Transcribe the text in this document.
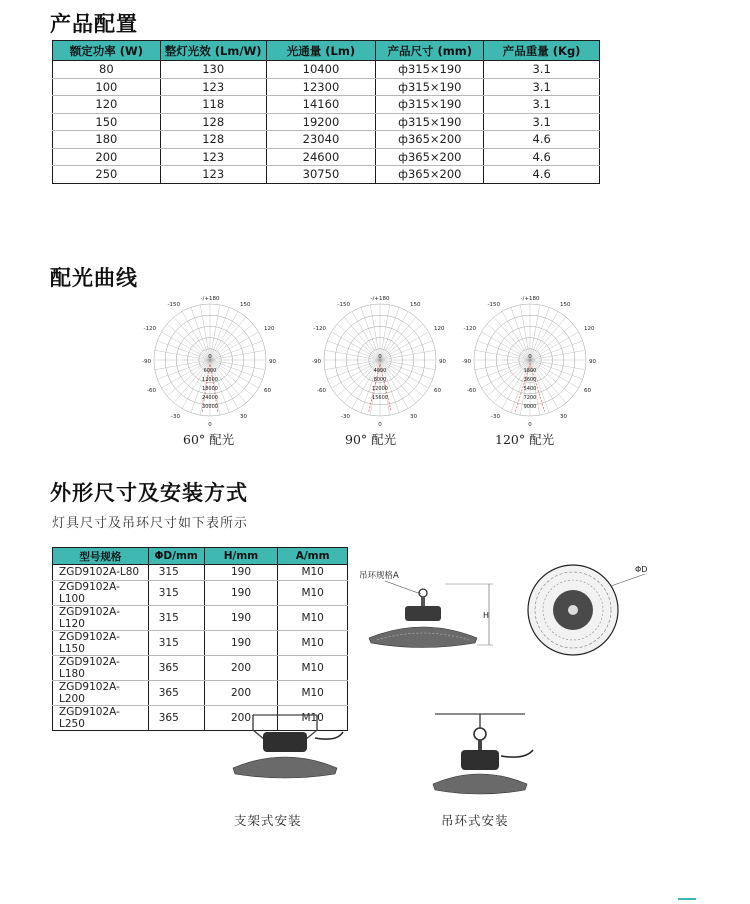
产品配置
额定功率 (W)	整灯光效 (Lm/W)	光通量 (Lm)	产品尺寸 (mm)	产品重量 (Kg)
80	130	10400	ф315×190	3.1
100	123	12300	ф315×190	3.1
120	118	14160	ф315×190	3.1
150	128	19200	ф315×190	3.1
180	128	23040	ф365×200	4.6
200	123	24600	ф365×200	4.6
250	123	30750	ф365×200	4.6
配光曲线
-/+180
-150	150
-120	120
-90	90
-60	60
-30	30
0
0
6000
12000
18000
24000
30000
-/+180
-150	150
-120	120
-90	90
-60	60
-30	30
0
0
4000
8000
12000
15600
-/+180
-150	150
-120	120
-90	90
-60	60
-30	30
0
0
1800
3600
5400
7200
9000
60° 配光	90° 配光	120° 配光
外形尺寸及安装方式
灯具尺寸及吊环尺寸如下表所示
型号规格	ΦD/mm	H/mm	A/mm
ZGD9102A-L80	315	190	M10
ZGD9102A-L100	315	190	M10
ZGD9102A-L120	315	190	M10
ZGD9102A-L150	315	190	M10
ZGD9102A-L180	365	200	M10
ZGD9102A-L200	365	200	M10
ZGD9102A-L250	365	200	M10
吊环规格A
H
ΦD
支架式安装	吊环式安装
